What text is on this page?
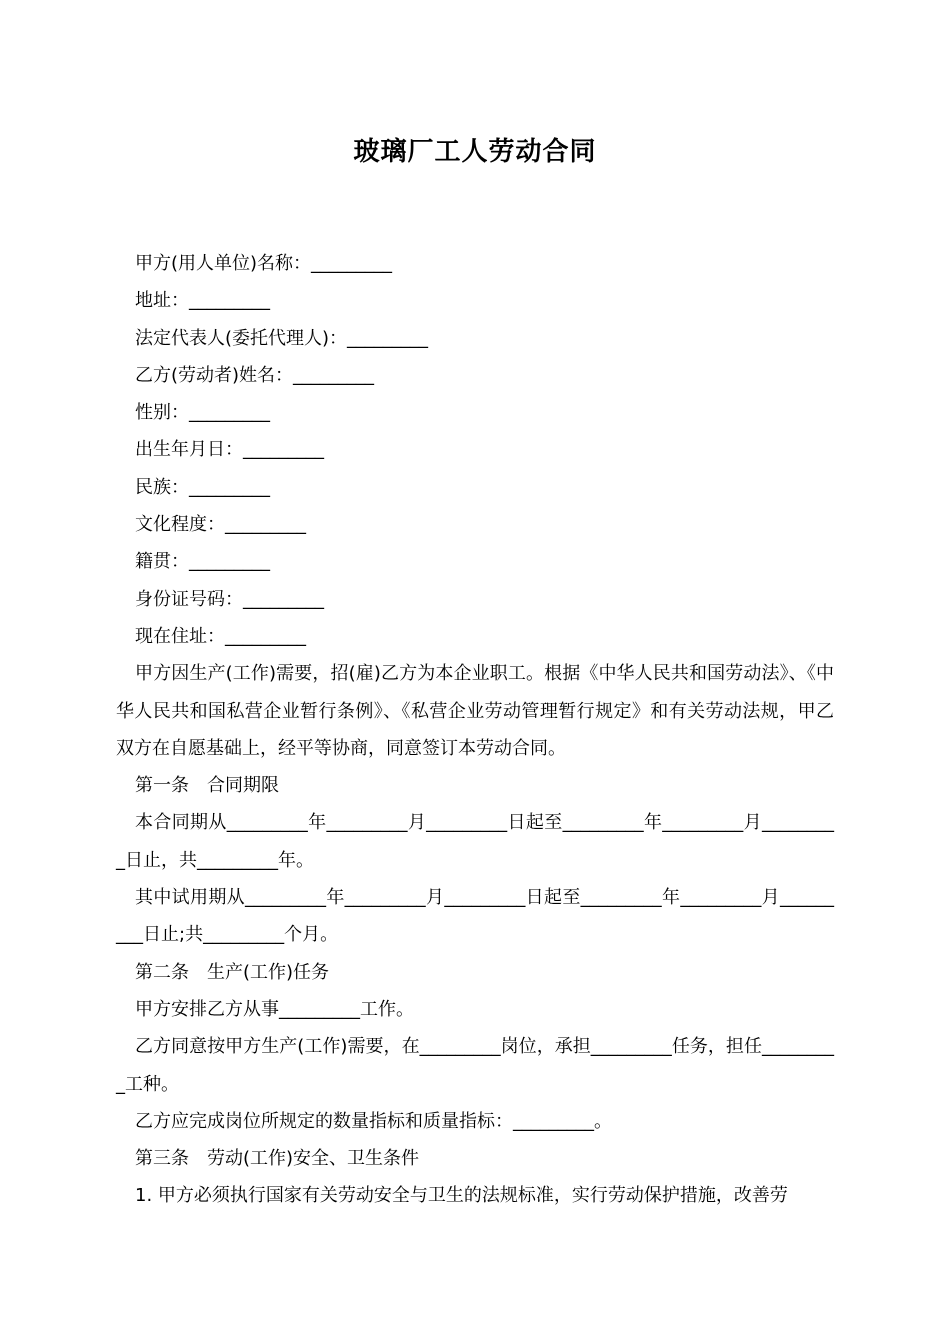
玻璃厂工人劳动合同
甲方(用人单位)名称：_________
地址：_________
法定代表人(委托代理人)：_________
乙方(劳动者)姓名：_________
性别：_________
出生年月日：_________
民族：_________
文化程度：_________
籍贯：_________
身份证号码：_________
现在住址：_________
甲方因生产(工作)需要，招(雇)乙方为本企业职工。根据《中华人民共和国劳动法》、《中华人民共和国私营企业暂行条例》、《私营企业劳动管理暂行规定》和有关劳动法规，甲乙双方在自愿基础上，经平等协商，同意签订本劳动合同。
第一条　合同期限
本合同期从_________年_________月_________日起至_________年_________月_________日止，共_________年。
其中试用期从_________年_________月_________日起至_________年_________月_________日止;共_________个月。
第二条　生产(工作)任务
甲方安排乙方从事_________工作。
乙方同意按甲方生产(工作)需要，在_________岗位，承担_________任务，担任_________工种。
乙方应完成岗位所规定的数量指标和质量指标：_________。
第三条　劳动(工作)安全、卫生条件
1. 甲方必须执行国家有关劳动安全与卫生的法规标准，实行劳动保护措施，改善劳
